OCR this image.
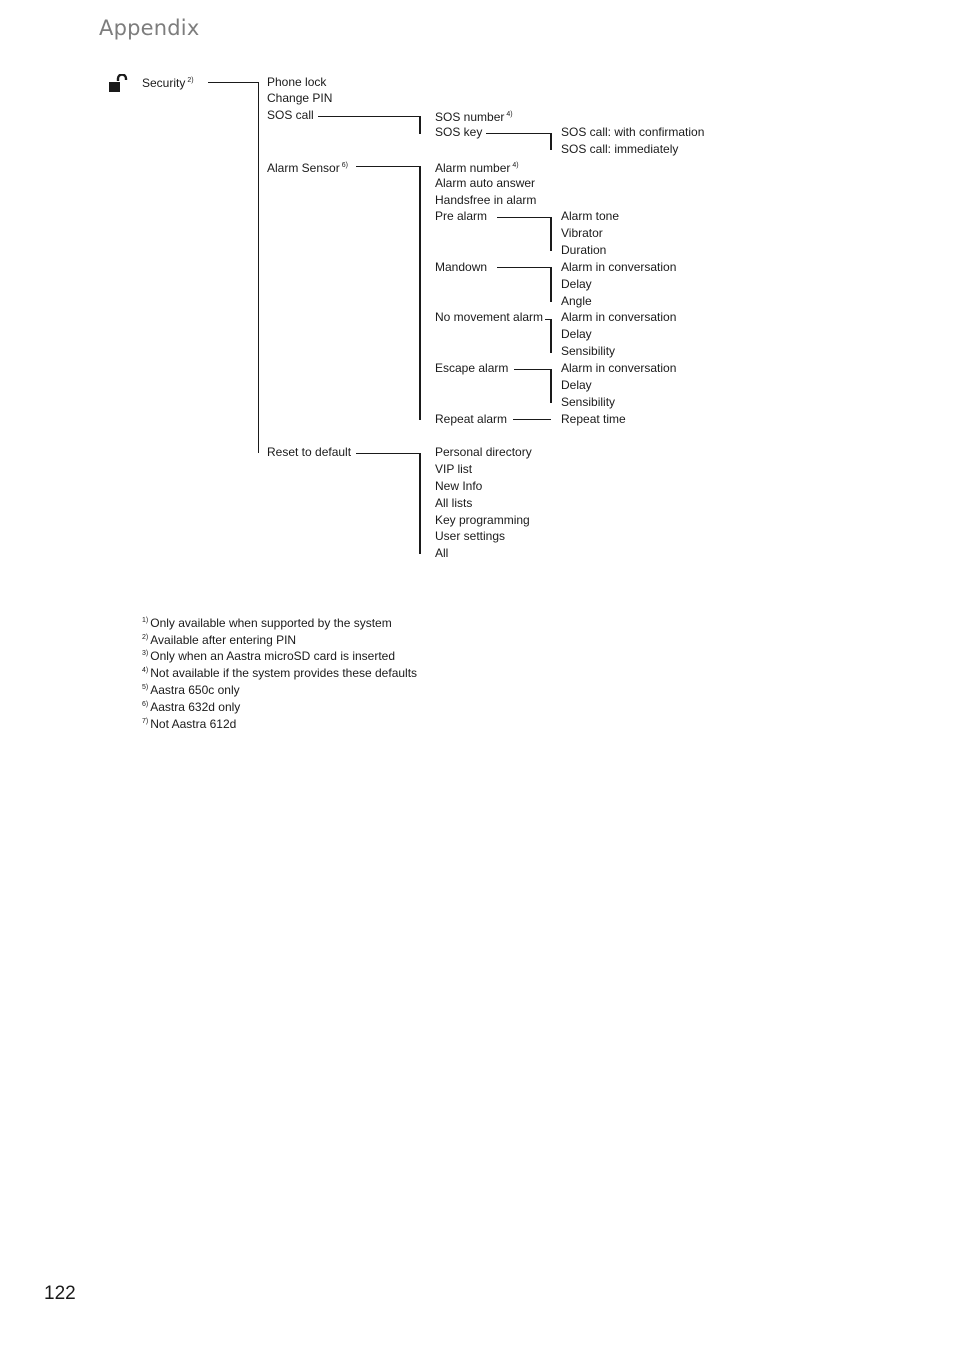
Appendix
Security $^{2)}$	Phone lock
Change PIN
SOS call
Alarm Sensor $^{6)}$
Reset to default
SOS number $^{4)}$
SOS key	SOS call: with confirmation
SOS call: immediately
Alarm number $^{4)}$
Alarm auto answer
Handsfree in alarm
Pre alarm
Mandown
No movement alarm
Escape alarm
Repeat alarm
Alarm tone
Vibrator
Duration
Alarm in conversation
Delay
Angle
Alarm in conversation
Delay
Sensibility
Alarm in conversation
Delay
Sensibility
Repeat time
Personal directory
VIP list
New Info
All lists
Key programming
User settings
All
$^{1)}$ Only available when supported by the system
$^{2)}$ Available after entering PIN
$^{3)}$ Only when an Aastra microSD card is inserted
$^{4)}$ Not available if the system provides these defaults
$^{5)}$ Aastra 650c only
$^{6)}$ Aastra 632d only
$^{7)}$ Not Aastra 612d
122
